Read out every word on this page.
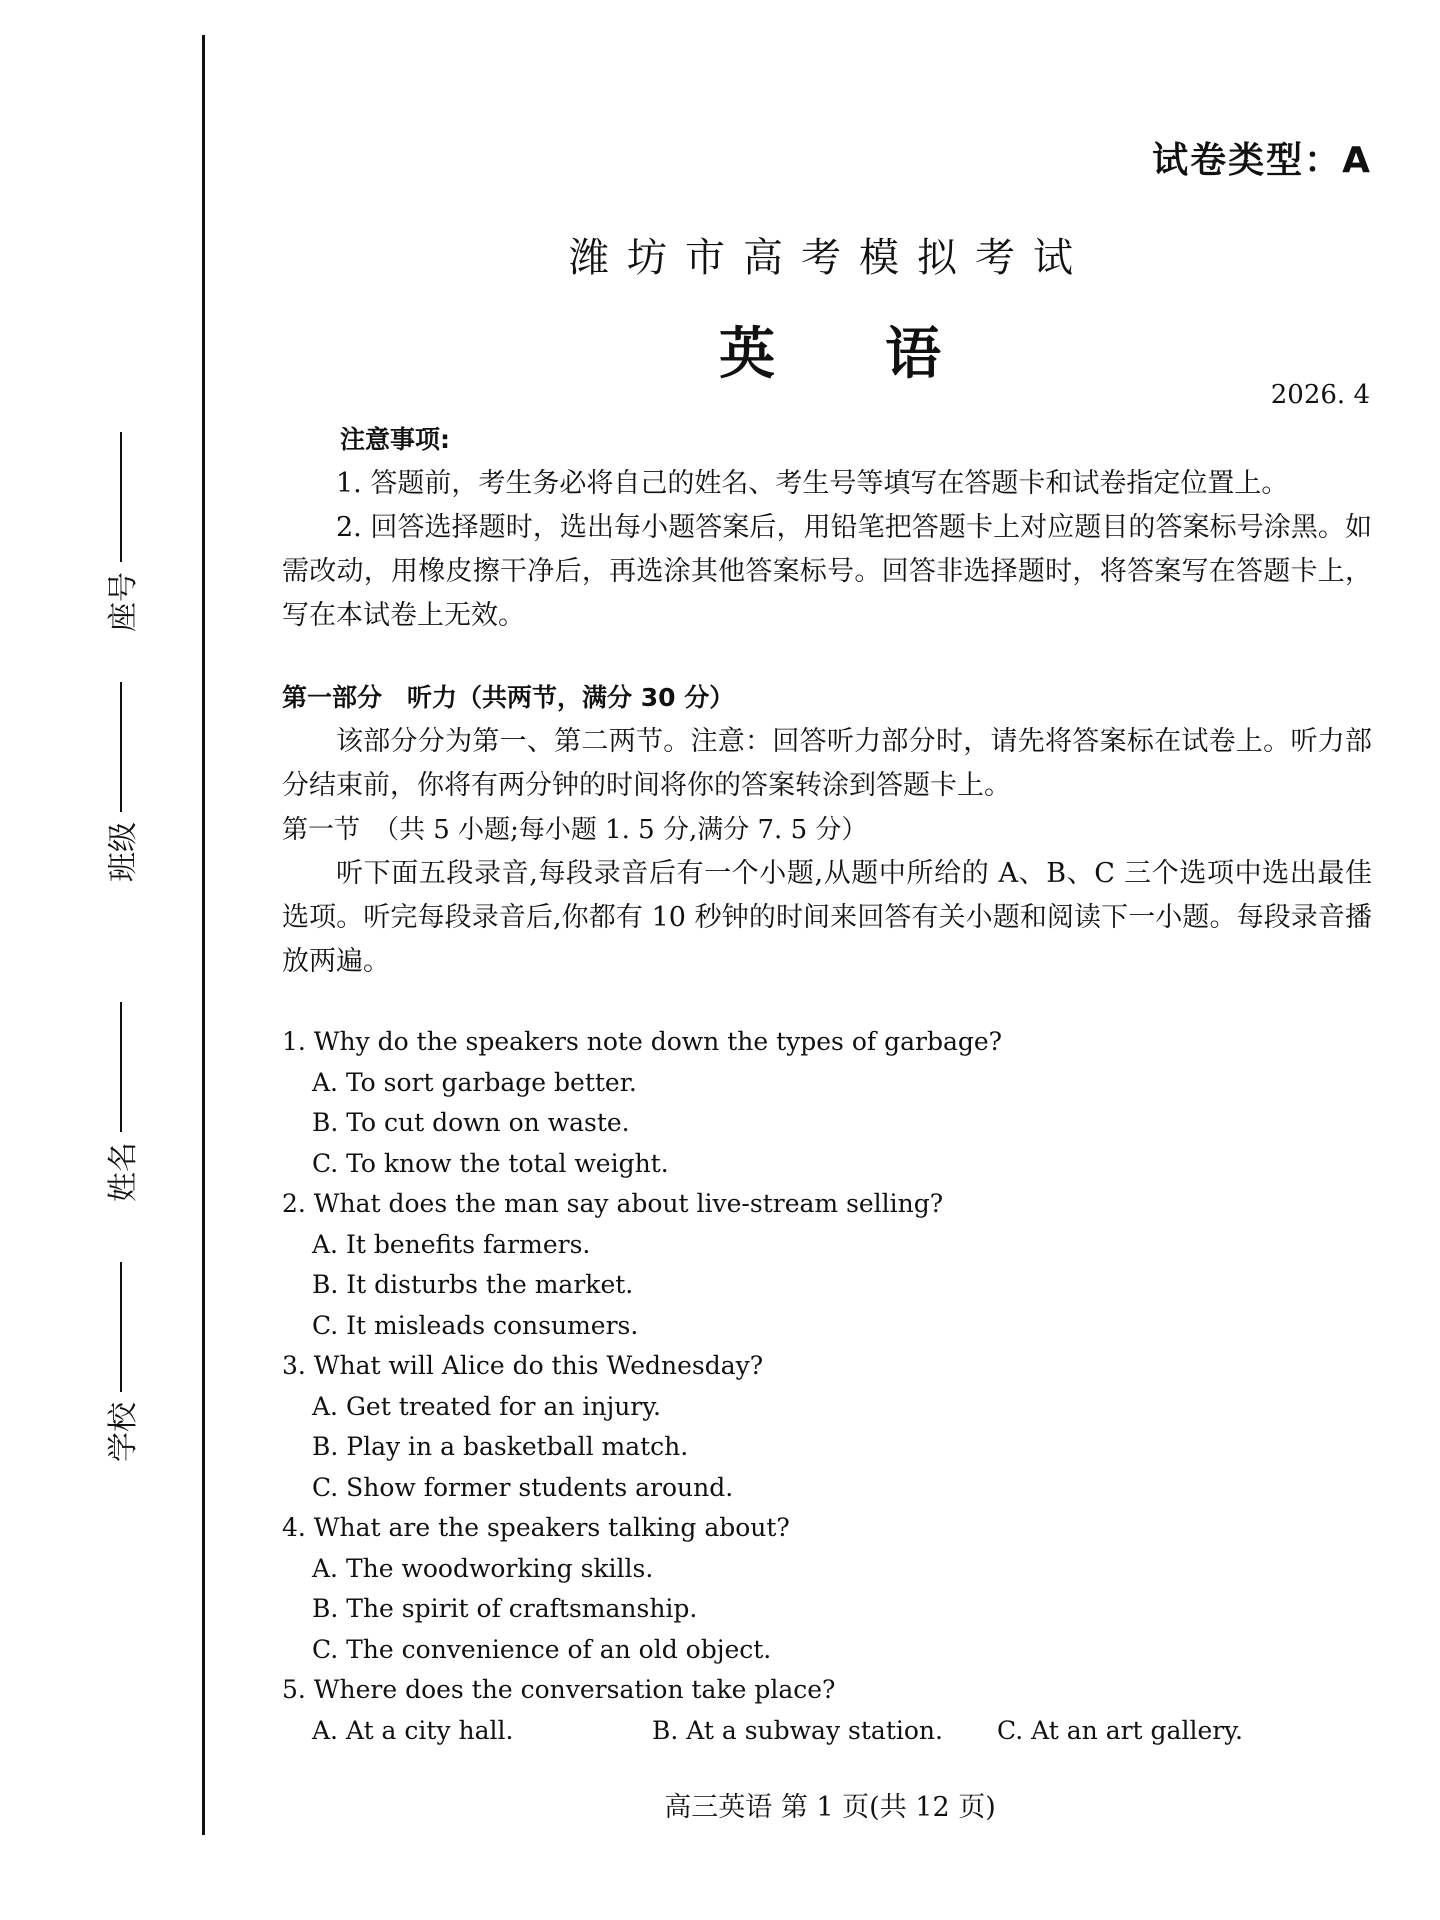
座号
班级
姓名
学校
试卷类型：A
潍坊市高考模拟考试
英语
2026. 4
注意事项:
1. 答题前，考生务必将自己的姓名、考生号等填写在答题卡和试卷指定位置上。
2. 回答选择题时，选出每小题答案后，用铅笔把答题卡上对应题目的答案标号涂黑。如需改动，用橡皮擦干净后，再选涂其他答案标号。回答非选择题时，将答案写在答题卡上，写在本试卷上无效。
第一部分　听力（共两节，满分 30 分）
该部分分为第一、第二两节。注意：回答听力部分时，请先将答案标在试卷上。听力部分结束前，你将有两分钟的时间将你的答案转涂到答题卡上。
第一节　（共 5 小题;每小题 1. 5 分,满分 7. 5 分）
听下面五段录音,每段录音后有一个小题,从题中所给的 A、B、C 三个选项中选出最佳选项。听完每段录音后,你都有 10 秒钟的时间来回答有关小题和阅读下一小题。每段录音播放两遍。
1. Why do the speakers note down the types of garbage?
A. To sort garbage better.
B. To cut down on waste.
C. To know the total weight.
2. What does the man say about live-stream selling?
A. It benefits farmers.
B. It disturbs the market.
C. It misleads consumers.
3. What will Alice do this Wednesday?
A. Get treated for an injury.
B. Play in a basketball match.
C. Show former students around.
4. What are the speakers talking about?
A. The woodworking skills.
B. The spirit of craftsmanship.
C. The convenience of an old object.
5. Where does the conversation take place?
A. At a city hall.	B. At a subway station.	C. At an art gallery.
高三英语 第 1 页(共 12 页)
